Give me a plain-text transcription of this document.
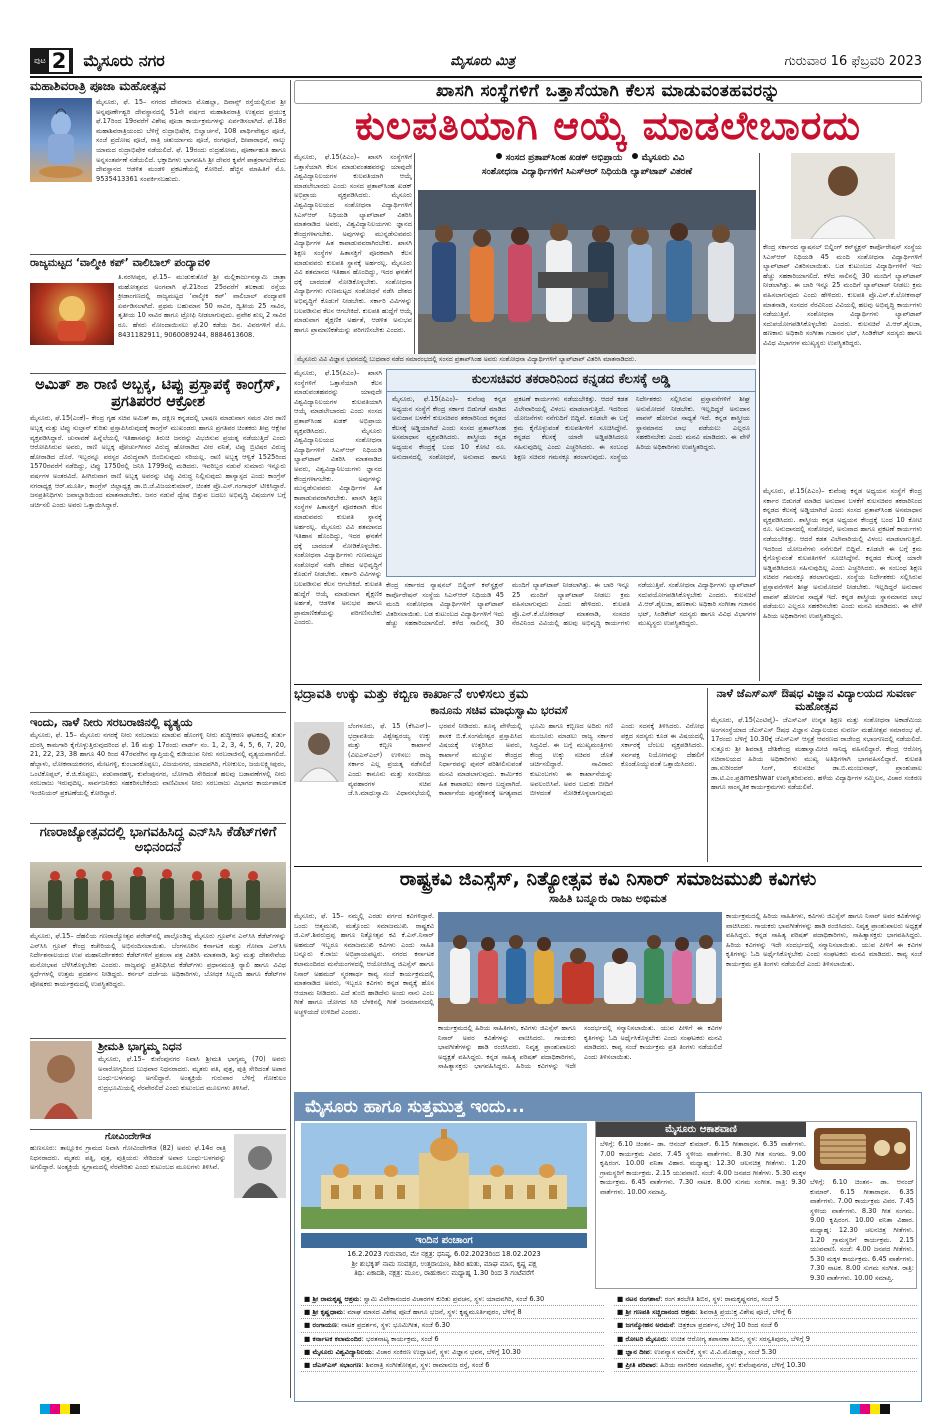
ಪುಟ 2 ಮೈಸೂರು ನಗರ	ಮೈಸೂರು ಮಿತ್ರ	ಗುರುವಾರ 16 ಫೆಬ್ರವರಿ 2023
ಮಹಾಶಿವರಾತ್ರಿ ಪೂಜಾ ಮಹೋತ್ಸವ
ಮೈಸೂರು, ಫೆ. 15– ನಗರದ ದೇವರಾಜ ಮೊಹಲ್ಲಾ, ದಿವಾನ್ಸ್ ರಸ್ತೆಯಲ್ಲಿರುವ ಶ್ರೀ ಅನ್ನಪೂರ್ಣೇಶ್ವರಿ ದೇವಸ್ಥಾನದಲ್ಲಿ 51ನೇ ವರ್ಷದ ಮಹಾಶಿವರಾತ್ರಿ ಉತ್ಸವದ ಪ್ರಯುಕ್ತ ಫೆ.17ರಿಂದ 19ರವರೆಗೆ ವಿಶೇಷ ಪೂಜಾ ಕಾರ್ಯಕ್ರಮಗಳನ್ನು ಏರ್ಪಡಿಸಲಾಗಿದೆ. ಫೆ.18ರ ಮಹಾಶಿವರಾತ್ರಿಯಂದು ಬೆಳಿಗ್ಗೆ ರುದ್ರಾಭಿಷೇಕ, ಬಿಲ್ವಾರ್ಚನೆ, 108 ಪಾರ್ಥಿವೇಶ್ವರ ಪೂಜೆ, ಸಂಜೆ ಪ್ರದೋಷ ಪೂಜೆ, ರಾತ್ರಿ ಚತುರ್ಯಾಮ ಪೂಜೆ, ರಂಗಪೂಜೆ, ದೀಪಾರಾಧನೆ, ನಾಲ್ಕು ಯಾಮದ ರುದ್ರಾಭಿಷೇಕ ನಡೆಯಲಿದೆ. ಫೆ. 19ರಂದು ರುದ್ರಹೋಮ, ಪೂರ್ಣಾಹುತಿ ಹಾಗೂ ಅನ್ನಸಂತರ್ಪಣೆ ನಡೆಯಲಿದೆ. ಭಕ್ತಾದಿಗಳು ಭಾಗವಹಿಸಿ ಶ್ರೀ ದೇವರ ಕೃಪೆಗೆ ಪಾತ್ರರಾಗಬೇಕೆಂದು ದೇವಸ್ಥಾನದ ಆಡಳಿತ ಮಂಡಳಿ ಪ್ರಕಟಣೆಯಲ್ಲಿ ಕೋರಿದೆ. ಹೆಚ್ಚಿನ ಮಾಹಿತಿಗೆ ಮೊ. 9535413361 ಸಂಪರ್ಕಿಸಬಹುದು.
ರಾಜ್ಯಮಟ್ಟದ ‘ವಾಲ್ಮೀಕಿ ಕಪ್’ ವಾಲಿಬಾಲ್ ಪಂದ್ಯಾವಳಿ
ತಿ.ನರಸೀಪುರ, ಫೆ.15– ಮುಡುಕುತೊರೆ ಶ್ರೀ ಮಲ್ಲಿಕಾರ್ಜುನಸ್ವಾಮಿ ಜಾತ್ರಾ ಮಹೋತ್ಸವದ ಅಂಗವಾಗಿ ಫೆ.21ರಿಂದ 25ರವರೆಗೆ ತಲಕಾಡು ರಸ್ತೆಯ ಕ್ರೀಡಾಂಗಣದಲ್ಲಿ ರಾಜ್ಯಮಟ್ಟದ ‘ವಾಲ್ಮೀಕಿ ಕಪ್’ ವಾಲಿಬಾಲ್ ಪಂದ್ಯಾವಳಿ ಏರ್ಪಡಿಸಲಾಗಿದೆ. ಪ್ರಥಮ ಬಹುಮಾನ 50 ಸಾವಿರ, ದ್ವಿತೀಯ 25 ಸಾವಿರ, ತೃತೀಯ 10 ಸಾವಿರ ಹಾಗೂ ಟ್ರೋಫಿ ನೀಡಲಾಗುವುದು. ಪ್ರವೇಶ ಶುಲ್ಕ 2 ಸಾವಿರ ರೂ. ಹೆಸರು ನೋಂದಾಯಿಸಲು ಫೆ.20 ಕಡೆಯ ದಿನ. ವಿವರಗಳಿಗೆ ಮೊ. 8431182911, 9060089244, 8884613608.
ಅಮಿತ್ ಶಾ ರಾಣಿ ಅಬ್ಬಕ್ಕ, ಟಿಪ್ಪು ಪ್ರಸ್ತಾಪಕ್ಕೆ ಕಾಂಗ್ರೆಸ್, ಪ್ರಗತಿಪರರ ಆಕ್ರೋಶ
ಮೈಸೂರು, ಫೆ.15(ಎಂಕೆ)– ಕೇಂದ್ರ ಗೃಹ ಸಚಿವ ಅಮಿತ್ ಶಾ, ದಕ್ಷಿಣ ಕನ್ನಡದಲ್ಲಿ ಭಾಷಣ ಮಾಡುವಾಗ ಸಮರ ವೀರ ರಾಣಿ ಅಬ್ಬಕ್ಕ ಮತ್ತು ಟಿಪ್ಪು ಸುಲ್ತಾನ್ ಕುರಿತು ಪ್ರಸ್ತಾಪಿಸಿರುವುದಕ್ಕೆ ಕಾಂಗ್ರೆಸ್ ಮುಖಂಡರು ಹಾಗೂ ಪ್ರಗತಿಪರ ಚಿಂತಕರು ತೀವ್ರ ಆಕ್ಷೇಪ ವ್ಯಕ್ತಪಡಿಸಿದ್ದಾರೆ. ಚುನಾವಣೆ ಹಿನ್ನೆಲೆಯಲ್ಲಿ ಇತಿಹಾಸವನ್ನು ತಿರುಚಿ ಜನರನ್ನು ವಿಭಜಿಸುವ ಪ್ರಯತ್ನ ನಡೆಯುತ್ತಿದೆ ಎಂದು ಆರೋಪಿಸಿರುವ ಅವರು, ರಾಣಿ ಅಬ್ಬಕ್ಕ ಪೋರ್ಚುಗೀಸರ ವಿರುದ್ಧ ಹೋರಾಡಿದ ವೀರ ವನಿತೆ, ಟಿಪ್ಪು ಬ್ರಿಟಿಷರ ವಿರುದ್ಧ ಹೋರಾಡಿದ ದೊರೆ. ಇಬ್ಬರನ್ನೂ ಪರಸ್ಪರ ವಿರುದ್ಧವಾಗಿ ಬಿಂಬಿಸುವುದು ಸರಿಯಲ್ಲ. ರಾಣಿ ಅಬ್ಬಕ್ಕ ಆಳ್ವಿಕೆ 1525ರಿಂದ 1570ರವರೆಗೆ ನಡೆದಿದ್ದು, ಟಿಪ್ಪು 1750ರಲ್ಲಿ ಜನಿಸಿ 1799ರಲ್ಲಿ ಮಡಿದರು. ಇವರಿಬ್ಬರ ನಡುವೆ ಸುಮಾರು ಇನ್ನೂರು ವರ್ಷಗಳ ಅಂತರವಿದೆ. ಹೀಗಿರುವಾಗ ರಾಣಿ ಅಬ್ಬಕ್ಕ ಅವರನ್ನು ಟಿಪ್ಪು ವಿರುದ್ಧ ನಿಲ್ಲಿಸುವುದು ಹಾಸ್ಯಾಸ್ಪದ ಎಂದು ಕಾಂಗ್ರೆಸ್ ನಗರಾಧ್ಯಕ್ಷ ಆರ್.ಮೂರ್ತಿ, ಕಾಂಗ್ರೆಸ್ ಜಿಲ್ಲಾಧ್ಯಕ್ಷ ಡಾ.ಬಿ.ಜೆ.ವಿಜಯಕುಮಾರ್, ಚಿಂತಕ ಪ್ರೊ.ಎಸ್.ಗಂಗಾಧರ್ ಟೀಕಿಸಿದ್ದಾರೆ. ಜನಪ್ರತಿನಿಧಿಗಳು ಜವಾಬ್ದಾರಿಯಿಂದ ಮಾತನಾಡಬೇಕು. ಜನರ ನಡುವೆ ದ್ವೇಷ ಬಿತ್ತುವ ಬದಲು ಅಭಿವೃದ್ಧಿ ವಿಷಯಗಳ ಬಗ್ಗೆ ಚರ್ಚಿಸಲಿ ಎಂದು ಅವರು ಒತ್ತಾಯಿಸಿದ್ದಾರೆ.
ಇಂದು, ನಾಳೆ ನೀರು ಸರಬರಾಜಿನಲ್ಲಿ ವ್ಯತ್ಯಯ
ಮೈಸೂರು, ಫೆ. 15– ಮೈಸೂರು ನಗರಕ್ಕೆ ನೀರು ಸರಬರಾಜು ಮಾಡುವ ಹೊಂಗಳ್ಳಿ ನೀರು ಶುದ್ಧೀಕರಣ ಘಟಕದಲ್ಲಿ ತುರ್ತು ದುರಸ್ತಿ ಕಾಮಗಾರಿ ಕೈಗೊಳ್ಳುತ್ತಿರುವುದರಿಂದ ಫೆ. 16 ಮತ್ತು 17ರಂದು ವಾರ್ಡ್ ನಂ. 1, 2, 3, 4, 5, 6, 7, 20, 21, 22, 23, 38 ಹಾಗೂ 40 ರಿಂದ 47ರವರೆಗಿನ ವ್ಯಾಪ್ತಿಯಲ್ಲಿ ಕುಡಿಯುವ ನೀರು ಸರಬರಾಜಿನಲ್ಲಿ ವ್ಯತ್ಯಯವಾಗಲಿದೆ. ಹೆಬ್ಬಾಳು, ಲೋಕನಾಯಕನಗರ, ಮೇಟಗಳ್ಳಿ, ಕುಂಬಾರಕೊಪ್ಪಲು, ವಿಜಯನಗರ, ಯಾದವಗಿರಿ, ಗೋಕುಲಂ, ಜಯಲಕ್ಷ್ಮೀಪುರಂ, ಒಂಟಿಕೊಪ್ಪಲ್, ಕೆ.ಜಿ.ಕೊಪ್ಪಲು, ಪಡುವಾರಹಳ್ಳಿ, ಕುವೆಂಪುನಗರ, ಬೋಗಾದಿ ಸೇರಿದಂತೆ ಹಲವು ಬಡಾವಣೆಗಳಲ್ಲಿ ನೀರು ಸರಬರಾಜು ಇರುವುದಿಲ್ಲ. ಸಾರ್ವಜನಿಕರು ಸಹಕರಿಸಬೇಕೆಂದು ವಾಣಿವಿಲಾಸ ನೀರು ಸರಬರಾಜು ವಿಭಾಗದ ಕಾರ್ಯಪಾಲಕ ಇಂಜಿನಿಯರ್ ಪ್ರಕಟಣೆಯಲ್ಲಿ ಕೋರಿದ್ದಾರೆ.
ಗಣರಾಜ್ಯೋತ್ಸವದಲ್ಲಿ ಭಾಗವಹಿಸಿದ್ದ ಎನ್‌ಸಿಸಿ ಕೆಡೆಟ್‌ಗಳಿಗೆ ಅಭಿನಂದನೆ
ಮೈಸೂರು, ಫೆ.15– ದೆಹಲಿಯ ಗಣರಾಜ್ಯೋತ್ಸವ ಪರೇಡ್‌ನಲ್ಲಿ ಪಾಲ್ಗೊಂಡಿದ್ದ ಮೈಸೂರು ಗ್ರೂಪ್‌ನ ಎನ್‌ಸಿಸಿ ಕೆಡೆಟ್‌ಗಳನ್ನು ಎನ್‌ಸಿಸಿ ಗ್ರೂಪ್ ಕೇಂದ್ರ ಕಚೇರಿಯಲ್ಲಿ ಅಭಿನಂದಿಸಲಾಯಿತು. ಬೆಂಗಳೂರಿನ ಕರ್ನಾಟಕ ಮತ್ತು ಗೋವಾ ಎನ್‌ಸಿಸಿ ನಿರ್ದೇಶನಾಲಯದ ಉಪ ಮಹಾನಿರ್ದೇಶಕರು ಕೆಡೆಟ್‌ಗಳಿಗೆ ಪ್ರಶಂಸಾ ಪತ್ರ ವಿತರಿಸಿ ಮಾತನಾಡಿ, ಶಿಸ್ತು ಮತ್ತು ದೇಶಸೇವೆಯ ಮನೋಭಾವ ಬೆಳೆಸಿಕೊಳ್ಳಬೇಕು ಎಂದರು. ರಾಜ್ಯವನ್ನು ಪ್ರತಿನಿಧಿಸಿದ ಕೆಡೆಟ್‌ಗಳು ಪ್ರಧಾನಮಂತ್ರಿ ರ್‍ಯಾಲಿ ಹಾಗೂ ವಿವಿಧ ಸ್ಪರ್ಧೆಗಳಲ್ಲಿ ಉತ್ತಮ ಪ್ರದರ್ಶನ ನೀಡಿದ್ದರು. ಕರ್ನಲ್ ದರ್ಜೆಯ ಅಧಿಕಾರಿಗಳು, ಬೋಧಕ ಸಿಬ್ಬಂದಿ ಹಾಗೂ ಕೆಡೆಟ್‌ಗಳ ಪೋಷಕರು ಕಾರ್ಯಕ್ರಮದಲ್ಲಿ ಉಪಸ್ಥಿತರಿದ್ದರು.
ಶ್ರೀಮತಿ ಭಾಗ್ಯಮ್ಮ ನಿಧನ
ಮೈಸೂರು, ಫೆ.15– ಕುವೆಂಪುನಗರ ನಿವಾಸಿ ಶ್ರೀಮತಿ ಭಾಗ್ಯಮ್ಮ (70) ಅವರು ಅನಾರೋಗ್ಯದಿಂದ ಬುಧವಾರ ನಿಧನರಾದರು. ಮೃತರು ಪತಿ, ಪುತ್ರ, ಪುತ್ರಿ ಸೇರಿದಂತೆ ಅಪಾರ ಬಂಧು-ಬಳಗವನ್ನು ಅಗಲಿದ್ದಾರೆ. ಅಂತ್ಯಕ್ರಿಯೆ ಗುರುವಾರ ಬೆಳಿಗ್ಗೆ ಗೋಕುಲಂ ರುದ್ರಭೂಮಿಯಲ್ಲಿ ನೆರವೇರಲಿದೆ ಎಂದು ಕುಟುಂಬದ ಮೂಲಗಳು ತಿಳಿಸಿವೆ.
ಗೋವಿಂದೇಗೌಡ
ಹುಣಸೂರು: ತಾಲ್ಲೂಕಿನ ಗ್ರಾಮದ ನಿವಾಸಿ ಗೋವಿಂದೇಗೌಡ (82) ಅವರು ಫೆ.14ರ ರಾತ್ರಿ ನಿಧನರಾದರು. ಮೃತರು ಪತ್ನಿ, ಪುತ್ರ, ಪುತ್ರಿಯರು ಸೇರಿದಂತೆ ಅಪಾರ ಬಂಧು-ಬಳಗವನ್ನು ಅಗಲಿದ್ದಾರೆ. ಅಂತ್ಯಕ್ರಿಯೆ ಸ್ವಗ್ರಾಮದಲ್ಲಿ ನೆರವೇರಿತು ಎಂದು ಕುಟುಂಬದ ಮೂಲಗಳು ತಿಳಿಸಿವೆ.
ಖಾಸಗಿ ಸಂಸ್ಥೆಗಳಿಗೆ ಒತ್ತಾಸೆಯಾಗಿ ಕೆಲಸ ಮಾಡುವಂತಹವರನ್ನು
ಕುಲಪತಿಯಾಗಿ ಆಯ್ಕೆ ಮಾಡಲೇಬಾರದು
ಮೈಸೂರು, ಫೆ.15(ಪಿಎಂ)– ಖಾಸಗಿ ಸಂಸ್ಥೆಗಳಿಗೆ ಒತ್ತಾಸೆಯಾಗಿ ಕೆಲಸ ಮಾಡುವಂತಹವರನ್ನು ಯಾವುದೇ ವಿಶ್ವವಿದ್ಯಾನಿಲಯಗಳ ಕುಲಪತಿಯಾಗಿ ಆಯ್ಕೆ ಮಾಡಲೇಬಾರದು ಎಂದು ಸಂಸದ ಪ್ರತಾಪ್‌ಸಿಂಹ ಖಡಕ್ ಅಭಿಪ್ರಾಯ ವ್ಯಕ್ತಪಡಿಸಿದರು. ಮೈಸೂರು ವಿಶ್ವವಿದ್ಯಾನಿಲಯದ ಸಂಶೋಧನಾ ವಿದ್ಯಾರ್ಥಿಗಳಿಗೆ ಸಿಎಸ್‌ಆರ್ ನಿಧಿಯಡಿ ಲ್ಯಾಪ್‌ಟಾಪ್ ವಿತರಿಸಿ ಮಾತನಾಡಿದ ಅವರು, ವಿಶ್ವವಿದ್ಯಾನಿಲಯಗಳು ಜ್ಞಾನದ ಕೇಂದ್ರಗಳಾಗಬೇಕು. ಅವುಗಳನ್ನು ಮುನ್ನಡೆಸುವವರು ವಿದ್ಯಾರ್ಥಿಗಳ ಹಿತ ಕಾಪಾಡುವವರಾಗಿರಬೇಕು. ಖಾಸಗಿ ಶಿಕ್ಷಣ ಸಂಸ್ಥೆಗಳ ಹಿತಾಸಕ್ತಿಗೆ ಪೂರಕವಾಗಿ ಕೆಲಸ ಮಾಡುವವರು ಕುಲಪತಿ ಸ್ಥಾನಕ್ಕೆ ಅರ್ಹರಲ್ಲ. ಮೈಸೂರು ವಿವಿ ಶತಮಾನದ ಇತಿಹಾಸ ಹೊಂದಿದ್ದು, ಇದರ ಘನತೆಗೆ ಧಕ್ಕೆ ಬಾರದಂತೆ ನೋಡಿಕೊಳ್ಳಬೇಕು. ಸಂಶೋಧನಾ ವಿದ್ಯಾರ್ಥಿಗಳು ಗುಣಮಟ್ಟದ ಸಂಶೋಧನೆ ನಡೆಸಿ ದೇಶದ ಅಭಿವೃದ್ಧಿಗೆ ಕೊಡುಗೆ ನೀಡಬೇಕು. ಸರ್ಕಾರಿ ವಿವಿಗಳನ್ನು ಬಲಪಡಿಸುವ ಕೆಲಸ ಆಗಬೇಕಿದೆ. ಕುಲಪತಿ ಹುದ್ದೆಗೆ ಆಯ್ಕೆ ಮಾಡುವಾಗ ಶೈಕ್ಷಣಿಕ ಅರ್ಹತೆ, ಆಡಳಿತ ಅನುಭವ ಹಾಗೂ ಪ್ರಾಮಾಣಿಕತೆಯನ್ನು ಪರಿಗಣಿಸಬೇಕು ಎಂದರು.
ಸಂಸದ ಪ್ರತಾಪ್‌ಸಿಂಹ ಖಡಕ್ ಅಭಿಪ್ರಾಯ ಮೈಸೂರು ವಿವಿ
ಸಂಶೋಧನಾ ವಿದ್ಯಾರ್ಥಿಗಳಿಗೆ ಸಿಎಸ್‌ಆರ್ ನಿಧಿಯಡಿ ಲ್ಯಾಪ್‌ಟಾಪ್ ವಿತರಣೆ
ಮೈಸೂರು ವಿವಿ ವಿಜ್ಞಾನ ಭವನದಲ್ಲಿ ಬುಧವಾರ ನಡೆದ ಸಮಾರಂಭದಲ್ಲಿ ಸಂಸದ ಪ್ರತಾಪ್‌ಸಿಂಹ ಅವರು ಸಂಶೋಧನಾ ವಿದ್ಯಾರ್ಥಿಗಳಿಗೆ ಲ್ಯಾಪ್‌ಟಾಪ್ ವಿತರಿಸಿ ಮಾತನಾಡಿದರು.
ಕೇಂದ್ರ ಸರ್ಕಾರದ ನ್ಯಾಷನಲ್ ಬಿಲ್ಡಿಂಗ್ ಕನ್‌ಸ್ಟ್ರಕ್ಷನ್ ಕಾರ್ಪೊರೇಷನ್ ಸಂಸ್ಥೆಯ ಸಿಎಸ್‌ಆರ್ ನಿಧಿಯಡಿ 45 ಮಂದಿ ಸಂಶೋಧನಾ ವಿದ್ಯಾರ್ಥಿಗಳಿಗೆ ಲ್ಯಾಪ್‌ಟಾಪ್ ವಿತರಿಸಲಾಯಿತು. ಬಡ ಕುಟುಂಬದ ವಿದ್ಯಾರ್ಥಿಗಳಿಗೆ ಇದು ಹೆಚ್ಚು ಸಹಕಾರಿಯಾಗಲಿದೆ. ಕಳೆದ ಸಾಲಿನಲ್ಲಿ 30 ಮಂದಿಗೆ ಲ್ಯಾಪ್‌ಟಾಪ್ ನೀಡಲಾಗಿತ್ತು. ಈ ಬಾರಿ ಇನ್ನೂ 25 ಮಂದಿಗೆ ಲ್ಯಾಪ್‌ಟಾಪ್ ನೀಡಲು ಕ್ರಮ ವಹಿಸಲಾಗುವುದು ಎಂದು ಹೇಳಿದರು. ಕುಲಪತಿ ಪ್ರೊ.ಎನ್.ಕೆ.ಲೋಕನಾಥ್ ಮಾತನಾಡಿ, ಸಂಸದರ ನೆರವಿನಿಂದ ವಿವಿಯಲ್ಲಿ ಹಲವು ಅಭಿವೃದ್ಧಿ ಕಾರ್ಯಗಳು ನಡೆಯುತ್ತಿವೆ. ಸಂಶೋಧನಾ ವಿದ್ಯಾರ್ಥಿಗಳು ಲ್ಯಾಪ್‌ಟಾಪ್ ಸದುಪಯೋಗಪಡಿಸಿಕೊಳ್ಳಬೇಕು ಎಂದರು. ಕುಲಸಚಿವೆ ವಿ.ಆರ್.ಶೈಲಜಾ, ಹಣಕಾಸು ಅಧಿಕಾರಿ ಸಂಗೀತಾ ಗಜಾನನ ಭಟ್, ಸಿಂಡಿಕೇಟ್ ಸದಸ್ಯರು ಹಾಗೂ ವಿವಿಧ ವಿಭಾಗಗಳ ಮುಖ್ಯಸ್ಥರು ಉಪಸ್ಥಿತರಿದ್ದರು.
ಮೈಸೂರು, ಫೆ.15(ಪಿಎಂ)– ಖಾಸಗಿ ಸಂಸ್ಥೆಗಳಿಗೆ ಒತ್ತಾಸೆಯಾಗಿ ಕೆಲಸ ಮಾಡುವಂತಹವರನ್ನು ಯಾವುದೇ ವಿಶ್ವವಿದ್ಯಾನಿಲಯಗಳ ಕುಲಪತಿಯಾಗಿ ಆಯ್ಕೆ ಮಾಡಲೇಬಾರದು ಎಂದು ಸಂಸದ ಪ್ರತಾಪ್‌ಸಿಂಹ ಖಡಕ್ ಅಭಿಪ್ರಾಯ ವ್ಯಕ್ತಪಡಿಸಿದರು. ಮೈಸೂರು ವಿಶ್ವವಿದ್ಯಾನಿಲಯದ ಸಂಶೋಧನಾ ವಿದ್ಯಾರ್ಥಿಗಳಿಗೆ ಸಿಎಸ್‌ಆರ್ ನಿಧಿಯಡಿ ಲ್ಯಾಪ್‌ಟಾಪ್ ವಿತರಿಸಿ ಮಾತನಾಡಿದ ಅವರು, ವಿಶ್ವವಿದ್ಯಾನಿಲಯಗಳು ಜ್ಞಾನದ ಕೇಂದ್ರಗಳಾಗಬೇಕು. ಅವುಗಳನ್ನು ಮುನ್ನಡೆಸುವವರು ವಿದ್ಯಾರ್ಥಿಗಳ ಹಿತ ಕಾಪಾಡುವವರಾಗಿರಬೇಕು. ಖಾಸಗಿ ಶಿಕ್ಷಣ ಸಂಸ್ಥೆಗಳ ಹಿತಾಸಕ್ತಿಗೆ ಪೂರಕವಾಗಿ ಕೆಲಸ ಮಾಡುವವರು ಕುಲಪತಿ ಸ್ಥಾನಕ್ಕೆ ಅರ್ಹರಲ್ಲ. ಮೈಸೂರು ವಿವಿ ಶತಮಾನದ ಇತಿಹಾಸ ಹೊಂದಿದ್ದು, ಇದರ ಘನತೆಗೆ ಧಕ್ಕೆ ಬಾರದಂತೆ ನೋಡಿಕೊಳ್ಳಬೇಕು. ಸಂಶೋಧನಾ ವಿದ್ಯಾರ್ಥಿಗಳು ಗುಣಮಟ್ಟದ ಸಂಶೋಧನೆ ನಡೆಸಿ ದೇಶದ ಅಭಿವೃದ್ಧಿಗೆ ಕೊಡುಗೆ ನೀಡಬೇಕು. ಸರ್ಕಾರಿ ವಿವಿಗಳನ್ನು ಬಲಪಡಿಸುವ ಕೆಲಸ ಆಗಬೇಕಿದೆ. ಕುಲಪತಿ ಹುದ್ದೆಗೆ ಆಯ್ಕೆ ಮಾಡುವಾಗ ಶೈಕ್ಷಣಿಕ ಅರ್ಹತೆ, ಆಡಳಿತ ಅನುಭವ ಹಾಗೂ ಪ್ರಾಮಾಣಿಕತೆಯನ್ನು ಪರಿಗಣಿಸಬೇಕು ಎಂದರು.
ಕುಲಸಚಿವರ ತಕರಾರಿನಿಂದ ಕನ್ನಡದ ಕೆಲಸಕ್ಕೆ ಅಡ್ಡಿ
ಮೈಸೂರು, ಫೆ.15(ಪಿಎಂ)– ಕುವೆಂಪು ಕನ್ನಡ ಅಧ್ಯಯನ ಸಂಸ್ಥೆಗೆ ಕೇಂದ್ರ ಸರ್ಕಾರ ಬಿಡುಗಡೆ ಮಾಡಿದ ಅನುದಾನ ಬಳಕೆಗೆ ಕುಲಸಚಿವರ ತಕರಾರಿನಿಂದ ಕನ್ನಡದ ಕೆಲಸಕ್ಕೆ ಅಡ್ಡಿಯಾಗಿದೆ ಎಂದು ಸಂಸದ ಪ್ರತಾಪ್‌ಸಿಂಹ ಅಸಮಾಧಾನ ವ್ಯಕ್ತಪಡಿಸಿದರು. ಶಾಸ್ತ್ರೀಯ ಕನ್ನಡ ಅಧ್ಯಯನ ಕೇಂದ್ರಕ್ಕೆ ಬಂದ 10 ಕೋಟಿ ರೂ. ಅನುದಾನದಲ್ಲಿ ಸಂಶೋಧನೆ, ಅನುವಾದ ಹಾಗೂ ಪ್ರಕಟಣೆ ಕಾರ್ಯಗಳು ನಡೆಯಬೇಕಿತ್ತು. ಆದರೆ ಕಡತ ವಿಲೇವಾರಿಯಲ್ಲಿ ವಿಳಂಬ ಮಾಡಲಾಗುತ್ತಿದೆ. ಇದರಿಂದ ಯೋಜನೆಗಳು ನನೆಗುದಿಗೆ ಬಿದ್ದಿವೆ. ಕೂಡಲೇ ಈ ಬಗ್ಗೆ ಕ್ರಮ ಕೈಗೊಳ್ಳುವಂತೆ ಕುಲಪತಿಗಳಿಗೆ ಸೂಚಿಸಿದ್ದೇನೆ. ಕನ್ನಡದ ಕೆಲಸಕ್ಕೆ ಯಾರೇ ಅಡ್ಡಿಪಡಿಸಿದರೂ ಸಹಿಸುವುದಿಲ್ಲ ಎಂದು ಎಚ್ಚರಿಸಿದರು. ಈ ಸಂಬಂಧ ಶಿಕ್ಷಣ ಸಚಿವರ ಗಮನಕ್ಕೂ ತರಲಾಗುವುದು. ಸಂಸ್ಥೆಯ ನಿರ್ದೇಶಕರು ಸಲ್ಲಿಸಿರುವ ಪ್ರಸ್ತಾವನೆಗಳಿಗೆ ಶೀಘ್ರ ಅನುಮೋದನೆ ನೀಡಬೇಕು. ಇಲ್ಲದಿದ್ದರೆ ಅನುದಾನ ವಾಪಸ್ ಹೋಗುವ ಸಾಧ್ಯತೆ ಇದೆ. ಕನ್ನಡ ಶಾಸ್ತ್ರೀಯ ಸ್ಥಾನಮಾನದ ಲಾಭ ಪಡೆಯಲು ಎಲ್ಲರೂ ಸಹಕರಿಸಬೇಕು ಎಂದು ಮನವಿ ಮಾಡಿದರು. ಈ ವೇಳೆ ಹಿರಿಯ ಅಧಿಕಾರಿಗಳು ಉಪಸ್ಥಿತರಿದ್ದರು.
ಕೇಂದ್ರ ಸರ್ಕಾರದ ನ್ಯಾಷನಲ್ ಬಿಲ್ಡಿಂಗ್ ಕನ್‌ಸ್ಟ್ರಕ್ಷನ್ ಕಾರ್ಪೊರೇಷನ್ ಸಂಸ್ಥೆಯ ಸಿಎಸ್‌ಆರ್ ನಿಧಿಯಡಿ 45 ಮಂದಿ ಸಂಶೋಧನಾ ವಿದ್ಯಾರ್ಥಿಗಳಿಗೆ ಲ್ಯಾಪ್‌ಟಾಪ್ ವಿತರಿಸಲಾಯಿತು. ಬಡ ಕುಟುಂಬದ ವಿದ್ಯಾರ್ಥಿಗಳಿಗೆ ಇದು ಹೆಚ್ಚು ಸಹಕಾರಿಯಾಗಲಿದೆ. ಕಳೆದ ಸಾಲಿನಲ್ಲಿ 30 ಮಂದಿಗೆ ಲ್ಯಾಪ್‌ಟಾಪ್ ನೀಡಲಾಗಿತ್ತು. ಈ ಬಾರಿ ಇನ್ನೂ 25 ಮಂದಿಗೆ ಲ್ಯಾಪ್‌ಟಾಪ್ ನೀಡಲು ಕ್ರಮ ವಹಿಸಲಾಗುವುದು ಎಂದು ಹೇಳಿದರು. ಕುಲಪತಿ ಪ್ರೊ.ಎನ್.ಕೆ.ಲೋಕನಾಥ್ ಮಾತನಾಡಿ, ಸಂಸದರ ನೆರವಿನಿಂದ ವಿವಿಯಲ್ಲಿ ಹಲವು ಅಭಿವೃದ್ಧಿ ಕಾರ್ಯಗಳು ನಡೆಯುತ್ತಿವೆ. ಸಂಶೋಧನಾ ವಿದ್ಯಾರ್ಥಿಗಳು ಲ್ಯಾಪ್‌ಟಾಪ್ ಸದುಪಯೋಗಪಡಿಸಿಕೊಳ್ಳಬೇಕು ಎಂದರು. ಕುಲಸಚಿವೆ ವಿ.ಆರ್.ಶೈಲಜಾ, ಹಣಕಾಸು ಅಧಿಕಾರಿ ಸಂಗೀತಾ ಗಜಾನನ ಭಟ್, ಸಿಂಡಿಕೇಟ್ ಸದಸ್ಯರು ಹಾಗೂ ವಿವಿಧ ವಿಭಾಗಗಳ ಮುಖ್ಯಸ್ಥರು ಉಪಸ್ಥಿತರಿದ್ದರು.
ಮೈಸೂರು, ಫೆ.15(ಪಿಎಂ)– ಕುವೆಂಪು ಕನ್ನಡ ಅಧ್ಯಯನ ಸಂಸ್ಥೆಗೆ ಕೇಂದ್ರ ಸರ್ಕಾರ ಬಿಡುಗಡೆ ಮಾಡಿದ ಅನುದಾನ ಬಳಕೆಗೆ ಕುಲಸಚಿವರ ತಕರಾರಿನಿಂದ ಕನ್ನಡದ ಕೆಲಸಕ್ಕೆ ಅಡ್ಡಿಯಾಗಿದೆ ಎಂದು ಸಂಸದ ಪ್ರತಾಪ್‌ಸಿಂಹ ಅಸಮಾಧಾನ ವ್ಯಕ್ತಪಡಿಸಿದರು. ಶಾಸ್ತ್ರೀಯ ಕನ್ನಡ ಅಧ್ಯಯನ ಕೇಂದ್ರಕ್ಕೆ ಬಂದ 10 ಕೋಟಿ ರೂ. ಅನುದಾನದಲ್ಲಿ ಸಂಶೋಧನೆ, ಅನುವಾದ ಹಾಗೂ ಪ್ರಕಟಣೆ ಕಾರ್ಯಗಳು ನಡೆಯಬೇಕಿತ್ತು. ಆದರೆ ಕಡತ ವಿಲೇವಾರಿಯಲ್ಲಿ ವಿಳಂಬ ಮಾಡಲಾಗುತ್ತಿದೆ. ಇದರಿಂದ ಯೋಜನೆಗಳು ನನೆಗುದಿಗೆ ಬಿದ್ದಿವೆ. ಕೂಡಲೇ ಈ ಬಗ್ಗೆ ಕ್ರಮ ಕೈಗೊಳ್ಳುವಂತೆ ಕುಲಪತಿಗಳಿಗೆ ಸೂಚಿಸಿದ್ದೇನೆ. ಕನ್ನಡದ ಕೆಲಸಕ್ಕೆ ಯಾರೇ ಅಡ್ಡಿಪಡಿಸಿದರೂ ಸಹಿಸುವುದಿಲ್ಲ ಎಂದು ಎಚ್ಚರಿಸಿದರು. ಈ ಸಂಬಂಧ ಶಿಕ್ಷಣ ಸಚಿವರ ಗಮನಕ್ಕೂ ತರಲಾಗುವುದು. ಸಂಸ್ಥೆಯ ನಿರ್ದೇಶಕರು ಸಲ್ಲಿಸಿರುವ ಪ್ರಸ್ತಾವನೆಗಳಿಗೆ ಶೀಘ್ರ ಅನುಮೋದನೆ ನೀಡಬೇಕು. ಇಲ್ಲದಿದ್ದರೆ ಅನುದಾನ ವಾಪಸ್ ಹೋಗುವ ಸಾಧ್ಯತೆ ಇದೆ. ಕನ್ನಡ ಶಾಸ್ತ್ರೀಯ ಸ್ಥಾನಮಾನದ ಲಾಭ ಪಡೆಯಲು ಎಲ್ಲರೂ ಸಹಕರಿಸಬೇಕು ಎಂದು ಮನವಿ ಮಾಡಿದರು. ಈ ವೇಳೆ ಹಿರಿಯ ಅಧಿಕಾರಿಗಳು ಉಪಸ್ಥಿತರಿದ್ದರು.
ಭದ್ರಾವತಿ ಉಕ್ಕು ಮತ್ತು ಕಬ್ಬಿಣ ಕಾರ್ಖಾನೆ ಉಳಿಸಲು ಕ್ರಮ
ಕಾನೂನು ಸಚಿವ ಮಾಧುಸ್ವಾಮಿ ಭರವಸೆ
ಬೆಂಗಳೂರು, ಫೆ. 15 (ಕೆಸಿಎನ್)– ಭದ್ರಾವತಿಯ ವಿಶ್ವೇಶ್ವರಯ್ಯ ಉಕ್ಕು ಮತ್ತು ಕಬ್ಬಿಣ ಕಾರ್ಖಾನೆ (ವಿಐಎಸ್‌ಎಲ್) ಉಳಿಸಲು ರಾಜ್ಯ ಸರ್ಕಾರ ಎಲ್ಲ ಪ್ರಯತ್ನ ನಡೆಸಲಿದೆ ಎಂದು ಕಾನೂನು ಮತ್ತು ಸಂಸದೀಯ ವ್ಯವಹಾರಗಳ ಸಚಿವ ಜೆ.ಸಿ.ಮಾಧುಸ್ವಾಮಿ ವಿಧಾನಸಭೆಯಲ್ಲಿ ಭರವಸೆ ನೀಡಿದರು. ಶೂನ್ಯ ವೇಳೆಯಲ್ಲಿ ಶಾಸಕ ಬಿ.ಕೆ.ಸಂಗಮೇಶ್ವರ ಪ್ರಸ್ತಾಪಿಸಿದ ವಿಷಯಕ್ಕೆ ಉತ್ತರಿಸಿದ ಅವರು, ಕಾರ್ಖಾನೆ ಮುಚ್ಚುವ ಕೇಂದ್ರದ ನಿರ್ಧಾರವನ್ನು ಪುನರ್ ಪರಿಶೀಲಿಸುವಂತೆ ಮನವಿ ಮಾಡಲಾಗುವುದು. ಕಾರ್ಮಿಕರ ಹಿತ ಕಾಪಾಡಲು ಸರ್ಕಾರ ಬದ್ಧವಾಗಿದೆ. ಕಾರ್ಖಾನೆಯ ಪುನಶ್ಚೇತನಕ್ಕೆ ಅಗತ್ಯವಾದ ಭೂಮಿ ಹಾಗೂ ಕಬ್ಬಿಣದ ಅದಿರು ಗಣಿ ಮಂಜೂರು ಮಾಡಲು ರಾಜ್ಯ ಸರ್ಕಾರ ಸಿದ್ಧವಿದೆ. ಈ ಬಗ್ಗೆ ಮುಖ್ಯಮಂತ್ರಿಗಳು ಕೇಂದ್ರ ಉಕ್ಕು ಸಚಿವರ ಜೊತೆ ಚರ್ಚಿಸಲಿದ್ದಾರೆ. ಸಾವಿರಾರು ಕುಟುಂಬಗಳು ಈ ಕಾರ್ಖಾನೆಯನ್ನು ಅವಲಂಬಿಸಿವೆ. ಅವರ ಬದುಕು ಬೀದಿಗೆ ಬೀಳದಂತೆ ನೋಡಿಕೊಳ್ಳಲಾಗುವುದು ಎಂದು ಸದನಕ್ಕೆ ತಿಳಿಸಿದರು. ವಿರೋಧ ಪಕ್ಷದ ಸದಸ್ಯರು ಕೂಡ ಈ ವಿಷಯದಲ್ಲಿ ಸರ್ಕಾರಕ್ಕೆ ಬೆಂಬಲ ವ್ಯಕ್ತಪಡಿಸಿದರು. ಸರ್ವಪಕ್ಷ ನಿಯೋಗವನ್ನು ದೆಹಲಿಗೆ ಕೊಂಡೊಯ್ಯುವಂತೆ ಒತ್ತಾಯಿಸಿದರು.
ನಾಳೆ ಜೆಎಸ್‌ಎಸ್ ಔಷಧ ವಿಜ್ಞಾನ ವಿದ್ಯಾಲಯದ ಸುವರ್ಣ ಮಹೋತ್ಸವ
ಮೈಸೂರು, ಫೆ.15(ಎಂಟಿವೈ)– ಜೆಎಸ್‌ಎಸ್ ಉನ್ನತ ಶಿಕ್ಷಣ ಮತ್ತು ಸಂಶೋಧನಾ ಅಕಾಡೆಮಿಯ ಅಂಗಸಂಸ್ಥೆಯಾದ ಜೆಎಸ್‌ಎಸ್ ಔಷಧ ವಿಜ್ಞಾನ ವಿದ್ಯಾಲಯದ ಸುವರ್ಣ ಮಹೋತ್ಸವ ಸಮಾರಂಭ ಫೆ. 17ರಂದು ಬೆಳಿಗ್ಗೆ 10.30ಕ್ಕೆ ಜೆಎಸ್‌ಎಸ್ ಆಸ್ಪತ್ರೆ ಆವರಣದ ರಾಜೇಂದ್ರ ಸಭಾಂಗಣದಲ್ಲಿ ನಡೆಯಲಿದೆ. ಸುತ್ತೂರು ಶ್ರೀ ಶಿವರಾತ್ರಿ ದೇಶಿಕೇಂದ್ರ ಮಹಾಸ್ವಾಮೀಜಿ ಸಾನಿಧ್ಯ ವಹಿಸಲಿದ್ದಾರೆ. ಕೇಂದ್ರ ಆರೋಗ್ಯ ಸಚಿವಾಲಯದ ಹಿರಿಯ ಅಧಿಕಾರಿಗಳು ಮುಖ್ಯ ಅತಿಥಿಗಳಾಗಿ ಭಾಗವಹಿಸಲಿದ್ದಾರೆ. ಕುಲಪತಿ ಡಾ.ಸುರೀಂದರ್ ಸಿಂಗ್, ಕುಲಸಚಿವ ಡಾ.ಬಿ.ಮಂಜುನಾಥ್, ಪ್ರಾಂಶುಪಾಲ ಡಾ.ಟಿ.ಎಂ.ಪ್ರameshwar ಉಪಸ್ಥಿತರಿರುವರು. ಹಳೆಯ ವಿದ್ಯಾರ್ಥಿಗಳ ಸಮ್ಮಿಲನ, ವಿಚಾರ ಸಂಕಿರಣ ಹಾಗೂ ಸಾಂಸ್ಕೃತಿಕ ಕಾರ್ಯಕ್ರಮಗಳು ನಡೆಯಲಿವೆ.
ರಾಷ್ಟ್ರಕವಿ ಜಿಎಸ್ಸೆಸ್, ನಿತ್ಯೋತ್ಸವ ಕವಿ ನಿಸಾರ್ ಸಮಾಜಮುಖಿ ಕವಿಗಳು
ಸಾಹಿತಿ ಬನ್ನೂರು ರಾಜು ಅಭಿಮತ
ಮೈಸೂರು, ಫೆ. 15– ನಮ್ಮಲ್ಲಿ ಎರಡು ವರ್ಗದ ಕವಿಗಳಿದ್ದಾರೆ. ಒಂದು ಆತ್ಮಮುಖಿ, ಮತ್ತೊಂದು ಸಮಾಜಮುಖಿ. ರಾಷ್ಟ್ರಕವಿ ಜಿ.ಎಸ್.ಶಿವರುದ್ರಪ್ಪ ಹಾಗೂ ನಿತ್ಯೋತ್ಸವ ಕವಿ ಕೆ.ಎಸ್.ನಿಸಾರ್ ಅಹಮದ್ ಇಬ್ಬರೂ ಸಮಾಜಮುಖಿ ಕವಿಗಳು ಎಂದು ಸಾಹಿತಿ ಬನ್ನೂರು ಕೆ.ರಾಜು ಅಭಿಪ್ರಾಯಪಟ್ಟರು. ನಗರದ ಕರ್ನಾಟಕ ಕಲಾಮಂದಿರದ ಮನೆಯಂಗಳದಲ್ಲಿ ಆಯೋಜಿಸಿದ್ದ ಜಿಎಸ್ಸೆಸ್ ಹಾಗೂ ನಿಸಾರ್ ಅಹಮದ್ ಸ್ಮರಣಾರ್ಥ ಕಾವ್ಯ ಸಂಜೆ ಕಾರ್ಯಕ್ರಮದಲ್ಲಿ ಮಾತನಾಡಿದ ಅವರು, ಇಬ್ಬರೂ ಕವಿಗಳು ಕನ್ನಡ ಕಾವ್ಯಕ್ಕೆ ಹೊಸ ಆಯಾಮ ನೀಡಿದರು. ಎದೆ ತುಂಬಿ ಹಾಡಿದೆನು ಅಂದು ನಾನು ಎಂಬ ಗೀತೆ ಹಾಗೂ ಜೋಗದ ಸಿರಿ ಬೆಳಕಿನಲ್ಲಿ ಗೀತೆ ಜನಮಾನಸದಲ್ಲಿ ಅಚ್ಚಳಿಯದೆ ಉಳಿದಿವೆ ಎಂದರು.
ಕಾರ್ಯಕ್ರಮದಲ್ಲಿ ಹಿರಿಯ ಸಾಹಿತಿಗಳು, ಕವಿಗಳು ಜಿಎಸ್ಸೆಸ್ ಹಾಗೂ ನಿಸಾರ್ ಅವರ ಕವಿತೆಗಳನ್ನು ವಾಚಿಸಿದರು. ಗಾಯಕರು ಭಾವಗೀತೆಗಳನ್ನು ಹಾಡಿ ರಂಜಿಸಿದರು. ನಿವೃತ್ತ ಪ್ರಾಂಶುಪಾಲರು ಅಧ್ಯಕ್ಷತೆ ವಹಿಸಿದ್ದರು. ಕನ್ನಡ ಸಾಹಿತ್ಯ ಪರಿಷತ್ ಪದಾಧಿಕಾರಿಗಳು, ಸಾಹಿತ್ಯಾಸಕ್ತರು ಭಾಗವಹಿಸಿದ್ದರು. ಹಿರಿಯ ಕವಿಗಳನ್ನು ಇದೇ ಸಂದರ್ಭದಲ್ಲಿ ಸನ್ಮಾನಿಸಲಾಯಿತು. ಯುವ ಪೀಳಿಗೆ ಈ ಕವಿಗಳ ಕೃತಿಗಳನ್ನು ಓದಿ ಅರ್ಥೈಸಿಕೊಳ್ಳಬೇಕು ಎಂದು ಸಂಘಟಕರು ಮನವಿ ಮಾಡಿದರು. ಕಾವ್ಯ ಸಂಜೆ ಕಾರ್ಯಕ್ರಮ ಪ್ರತಿ ತಿಂಗಳು ನಡೆಯಲಿದೆ ಎಂದು ತಿಳಿಸಲಾಯಿತು.
ಕಾರ್ಯಕ್ರಮದಲ್ಲಿ ಹಿರಿಯ ಸಾಹಿತಿಗಳು, ಕವಿಗಳು ಜಿಎಸ್ಸೆಸ್ ಹಾಗೂ ನಿಸಾರ್ ಅವರ ಕವಿತೆಗಳನ್ನು ವಾಚಿಸಿದರು. ಗಾಯಕರು ಭಾವಗೀತೆಗಳನ್ನು ಹಾಡಿ ರಂಜಿಸಿದರು. ನಿವೃತ್ತ ಪ್ರಾಂಶುಪಾಲರು ಅಧ್ಯಕ್ಷತೆ ವಹಿಸಿದ್ದರು. ಕನ್ನಡ ಸಾಹಿತ್ಯ ಪರಿಷತ್ ಪದಾಧಿಕಾರಿಗಳು, ಸಾಹಿತ್ಯಾಸಕ್ತರು ಭಾಗವಹಿಸಿದ್ದರು. ಹಿರಿಯ ಕವಿಗಳನ್ನು ಇದೇ ಸಂದರ್ಭದಲ್ಲಿ ಸನ್ಮಾನಿಸಲಾಯಿತು. ಯುವ ಪೀಳಿಗೆ ಈ ಕವಿಗಳ ಕೃತಿಗಳನ್ನು ಓದಿ ಅರ್ಥೈಸಿಕೊಳ್ಳಬೇಕು ಎಂದು ಸಂಘಟಕರು ಮನವಿ ಮಾಡಿದರು. ಕಾವ್ಯ ಸಂಜೆ ಕಾರ್ಯಕ್ರಮ ಪ್ರತಿ ತಿಂಗಳು ನಡೆಯಲಿದೆ ಎಂದು ತಿಳಿಸಲಾಯಿತು.
ಮೈಸೂರು ಹಾಗೂ ಸುತ್ತಮುತ್ತ ಇಂದು...
ಇಂದಿನ ಪಂಚಾಂಗ
16.2.2023 ಗುರುವಾರ, ಮೇ ನಕ್ಷತ್ರ: ಧನಿಷ್ಠ, 6.02.2023ರಿಂದ 18.02.2023
ಶ್ರೀ ಶುಭಕೃತ್ ನಾಮ ಸಂವತ್ಸರ, ಉತ್ತರಾಯಣ, ಶಿಶಿರ ಋತು, ಮಾಘ ಮಾಸ, ಕೃಷ್ಣ ಪಕ್ಷ
ತಿಥಿ: ಏಕಾದಶಿ, ನಕ್ಷತ್ರ: ಮೂಲ, ರಾಹುಕಾಲ: ಮಧ್ಯಾಹ್ನ 1.30 ರಿಂದ 3 ಗಂಟೆವರೆಗೆ
ಮೈಸೂರು ಆಕಾಶವಾಣಿ
ಬೆಳಿಗ್ಗೆ: 6.10 ಚಿಂತನ– ಡಾ. ಆನಂದ್ ಕುಮಾರ್. 6.15 ಗೀತಾರಾಧನ. 6.35 ವಾರ್ತೆಗಳು. 7.00 ಕಾರ್ಯಕ್ರಮ ವಿವರ. 7.45 ಸ್ಥಳೀಯ ವಾರ್ತೆಗಳು. 8.30 ಗೀತ ಸಂಗಮ. 9.00 ಕೃಷಿರಂಗ. 10.00 ವನಿತಾ ವಿಹಾರ. ಮಧ್ಯಾಹ್ನ: 12.30 ಚಲನಚಿತ್ರ ಗೀತೆಗಳು. 1.20 ಗ್ರಾಮಸ್ಥರಿಗೆ ಕಾರ್ಯಕ್ರಮ. 2.15 ಯುವವಾಣಿ. ಸಂಜೆ: 4.00 ಜನಪದ ಗೀತೆಗಳು. 5.30 ಮಕ್ಕಳ ಕಾರ್ಯಕ್ರಮ. 6.45 ವಾರ್ತೆಗಳು. 7.30 ನಾಟಕ. 8.00 ಸುಗಮ ಸಂಗೀತ. ರಾತ್ರಿ: 9.30 ವಾರ್ತೆಗಳು. 10.00 ಸಮಾಪ್ತಿ.
ಬೆಳಿಗ್ಗೆ: 6.10 ಚಿಂತನ– ಡಾ. ಆನಂದ್ ಕುಮಾರ್. 6.15 ಗೀತಾರಾಧನ. 6.35 ವಾರ್ತೆಗಳು. 7.00 ಕಾರ್ಯಕ್ರಮ ವಿವರ. 7.45 ಸ್ಥಳೀಯ ವಾರ್ತೆಗಳು. 8.30 ಗೀತ ಸಂಗಮ. 9.00 ಕೃಷಿರಂಗ. 10.00 ವನಿತಾ ವಿಹಾರ. ಮಧ್ಯಾಹ್ನ: 12.30 ಚಲನಚಿತ್ರ ಗೀತೆಗಳು. 1.20 ಗ್ರಾಮಸ್ಥರಿಗೆ ಕಾರ್ಯಕ್ರಮ. 2.15 ಯುವವಾಣಿ. ಸಂಜೆ: 4.00 ಜನಪದ ಗೀತೆಗಳು. 5.30 ಮಕ್ಕಳ ಕಾರ್ಯಕ್ರಮ. 6.45 ವಾರ್ತೆಗಳು. 7.30 ನಾಟಕ. 8.00 ಸುಗಮ ಸಂಗೀತ. ರಾತ್ರಿ: 9.30 ವಾರ್ತೆಗಳು. 10.00 ಸಮಾಪ್ತಿ.
■ ಶ್ರೀ ರಾಮಕೃಷ್ಣ ಆಶ್ರಮ: ಸ್ವಾಮಿ ವಿವೇಕಾನಂದರ ವಿಚಾರಗಳ ಕುರಿತು ಪ್ರವಚನ, ಸ್ಥಳ: ಯಾದವಗಿರಿ, ಸಂಜೆ 6.30
■ ಶ್ರೀ ಕೃಷ್ಣಧಾಮ: ಮಾಘ ಮಾಸದ ವಿಶೇಷ ಪೂಜೆ ಹಾಗೂ ಭಜನೆ, ಸ್ಥಳ: ಕೃಷ್ಣಮೂರ್ತಿಪುರಂ, ಬೆಳಿಗ್ಗೆ 8
■ ರಂಗಾಯಣ: ನಾಟಕ ಪ್ರದರ್ಶನ, ಸ್ಥಳ: ಭೂಮಿಗೀತ, ಸಂಜೆ 6.30
■ ಕರ್ನಾಟಕ ಕಲಾಮಂದಿರ: ಭರತನಾಟ್ಯ ಕಾರ್ಯಕ್ರಮ, ಸಂಜೆ 6
■ ಮೈಸೂರು ವಿಶ್ವವಿದ್ಯಾನಿಲಯ: ವಿಚಾರ ಸಂಕಿರಣ ಉದ್ಘಾಟನೆ, ಸ್ಥಳ: ವಿಜ್ಞಾನ ಭವನ, ಬೆಳಿಗ್ಗೆ 10.30
■ ಜೆಎಸ್‌ಎಸ್ ಸಭಾಂಗಣ: ಶಿವರಾತ್ರಿ ಸಂಗೀತೋತ್ಸವ, ಸ್ಥಳ: ರಾಮಾನುಜ ರಸ್ತೆ, ಸಂಜೆ 6
■ ನಟನ ರಂಗಶಾಲೆ: ರಂಗ ತರಬೇತಿ ಶಿಬಿರ, ಸ್ಥಳ: ರಾಮಕೃಷ್ಣನಗರ, ಸಂಜೆ 5
■ ಶ್ರೀ ಗಣಪತಿ ಸಚ್ಚಿದಾನಂದ ಆಶ್ರಮ: ಶಿವರಾತ್ರಿ ಪ್ರಯುಕ್ತ ವಿಶೇಷ ಪೂಜೆ, ಬೆಳಿಗ್ಗೆ 6
■ ಜಗನ್ಮೋಹನ ಅರಮನೆ: ಚಿತ್ರಕಲಾ ಪ್ರದರ್ಶನ, ಬೆಳಿಗ್ಗೆ 10 ರಿಂದ ಸಂಜೆ 6
■ ರೋಟರಿ ಮೈಸೂರು: ಉಚಿತ ಆರೋಗ್ಯ ತಪಾಸಣಾ ಶಿಬಿರ, ಸ್ಥಳ: ಸರಸ್ವತಿಪುರಂ, ಬೆಳಿಗ್ಗೆ 9
■ ಜ್ಞಾನ ದೀಪ: ಉಪನ್ಯಾಸ ಮಾಲಿಕೆ, ಸ್ಥಳ: ವಿ.ವಿ.ಮೊಹಲ್ಲಾ, ಸಂಜೆ 5.30
■ ಪ್ರೀತಿ ಪರಿವಾರ: ಹಿರಿಯ ನಾಗರಿಕರ ಸಮಾವೇಶ, ಸ್ಥಳ: ಕುವೆಂಪುನಗರ, ಬೆಳಿಗ್ಗೆ 10.30
